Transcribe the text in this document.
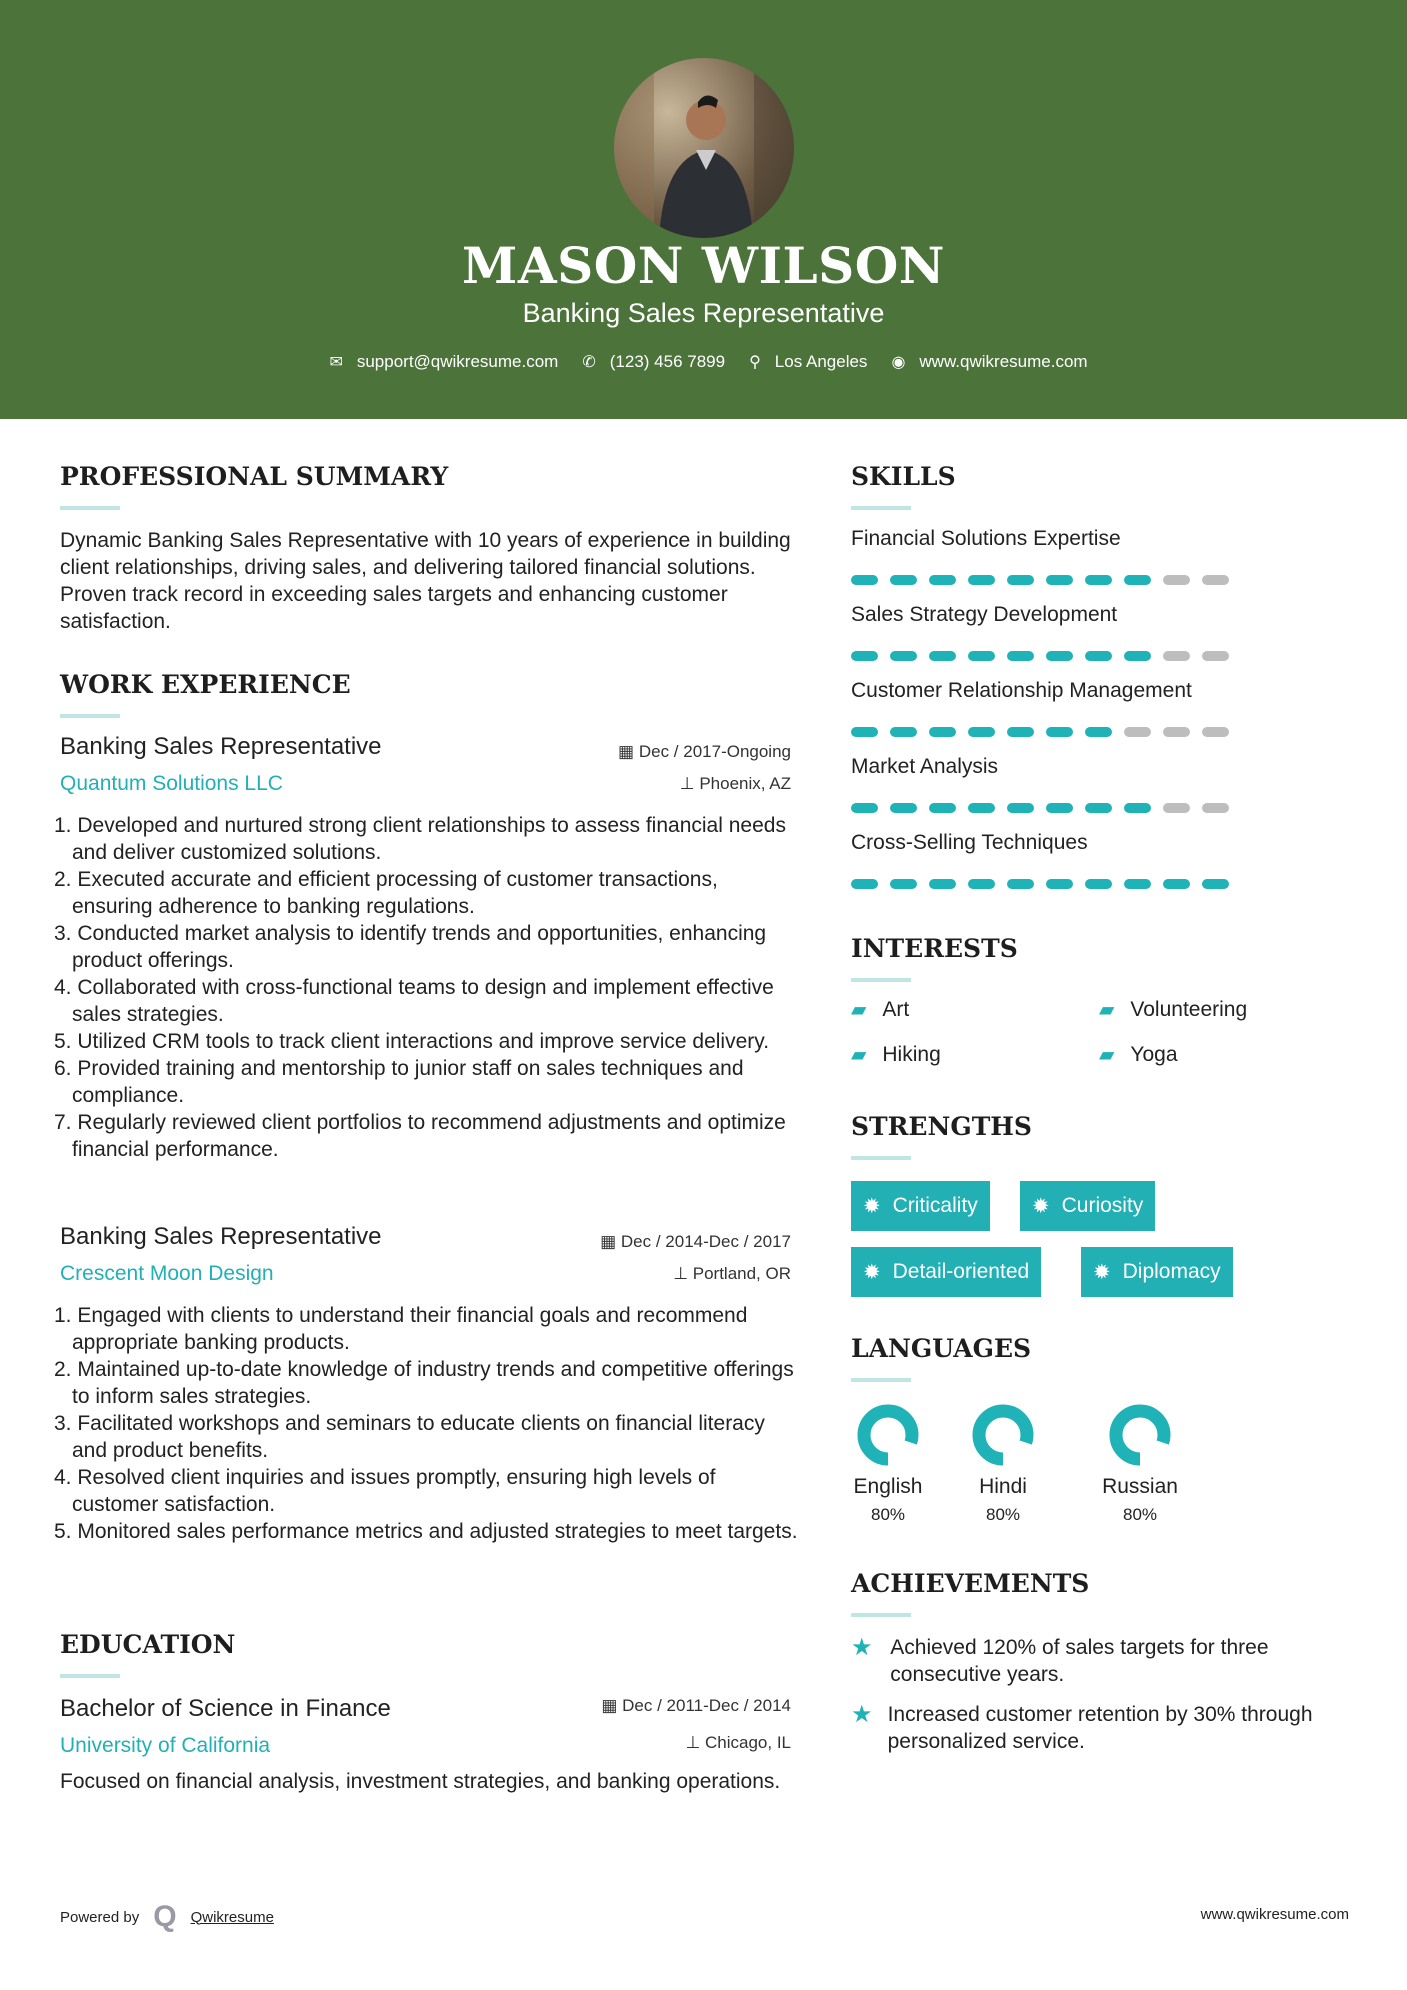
MASON WILSON
Banking Sales Representative
✉ support@qwikresume.com ✆ (123) 456 7899 ⚲ Los Angeles ◉ www.qwikresume.com
PROFESSIONAL SUMMARY
Dynamic Banking Sales Representative with 10 years of experience in building client relationships, driving sales, and delivering tailored financial solutions. Proven track record in exceeding sales targets and enhancing customer satisfaction.
WORK EXPERIENCE
Banking Sales Representative
Quantum Solutions LLC
▦ Dec / 2017-Ongoing
⊥ Phoenix, AZ
1. Developed and nurtured strong client relationships to assess financial needs and deliver customized solutions.
2. Executed accurate and efficient processing of customer transactions, ensuring adherence to banking regulations.
3. Conducted market analysis to identify trends and opportunities, enhancing product offerings.
4. Collaborated with cross-functional teams to design and implement effective sales strategies.
5. Utilized CRM tools to track client interactions and improve service delivery.
6. Provided training and mentorship to junior staff on sales techniques and compliance.
7. Regularly reviewed client portfolios to recommend adjustments and optimize financial performance.
Banking Sales Representative
Crescent Moon Design
▦ Dec / 2014-Dec / 2017
⊥ Portland, OR
1. Engaged with clients to understand their financial goals and recommend appropriate banking products.
2. Maintained up-to-date knowledge of industry trends and competitive offerings to inform sales strategies.
3. Facilitated workshops and seminars to educate clients on financial literacy and product benefits.
4. Resolved client inquiries and issues promptly, ensuring high levels of customer satisfaction.
5. Monitored sales performance metrics and adjusted strategies to meet targets.
EDUCATION
Bachelor of Science in Finance
University of California
▦ Dec / 2011-Dec / 2014
⊥ Chicago, IL
Focused on financial analysis, investment strategies, and banking operations.
SKILLS
Financial Solutions Expertise
Sales Strategy Development
Customer Relationship Management
Market Analysis
Cross-Selling Techniques
INTERESTS
▰ Art	▰ Volunteering
▰ Hiking	▰ Yoga
STRENGTHS
✹ Criticality	✹ Curiosity
✹ Detail-oriented	✹ Diplomacy
LANGUAGES
English
80%
Hindi
80%
Russian
80%
ACHIEVEMENTS
★ Achieved 120% of sales targets for three consecutive years.
★ Increased customer retention by 30% through personalized service.
Powered by Q Qwikresume	www.qwikresume.com
